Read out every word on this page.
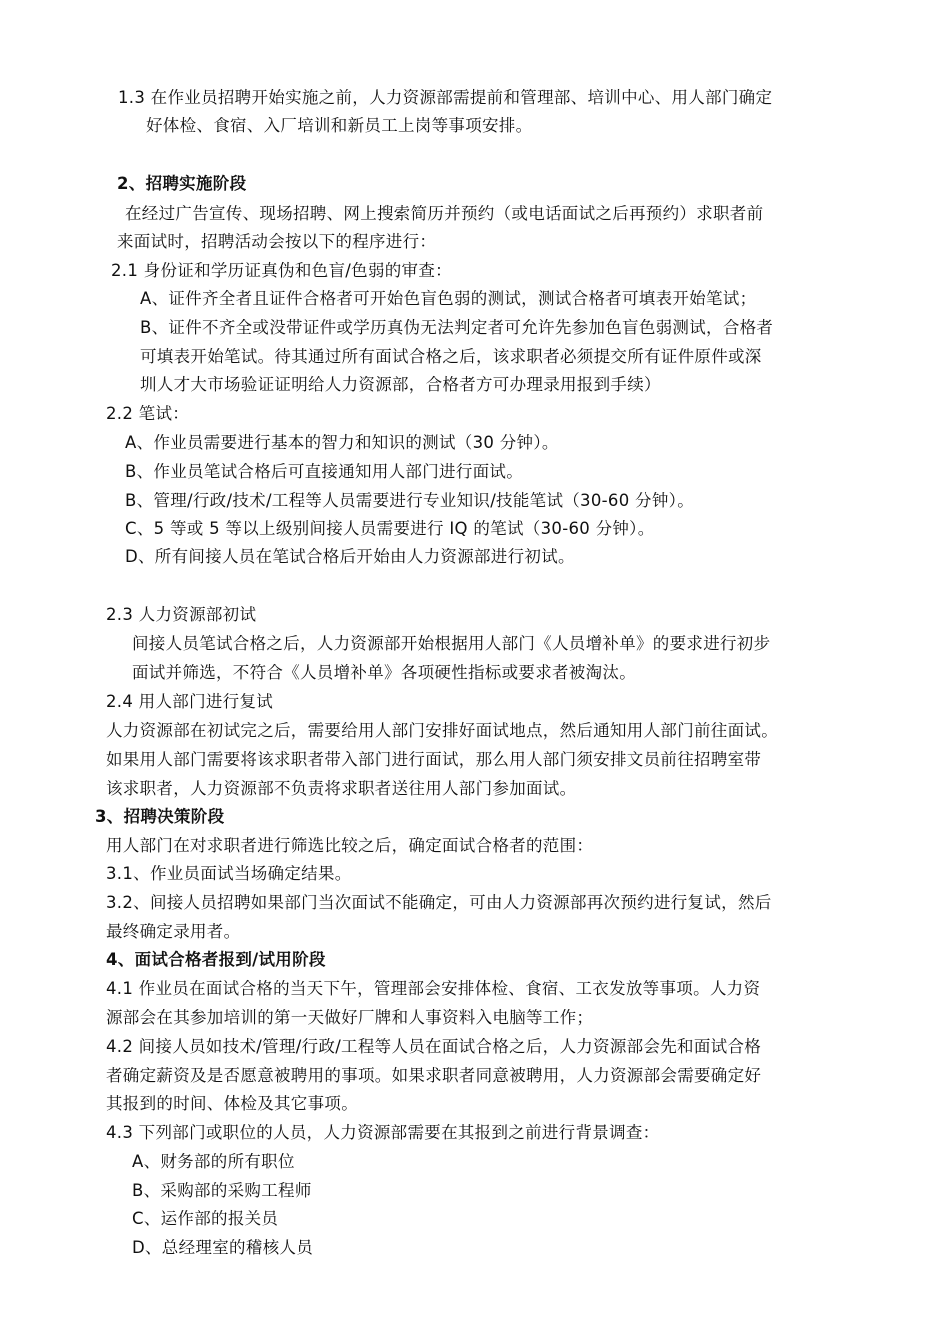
1.3 在作业员招聘开始实施之前，人力资源部需提前和管理部、培训中心、用人部门确定
好体检、食宿、入厂培训和新员工上岗等事项安排。
2、招聘实施阶段
在经过广告宣传、现场招聘、网上搜索简历并预约（或电话面试之后再预约）求职者前
来面试时，招聘活动会按以下的程序进行：
2.1 身份证和学历证真伪和色盲/色弱的审查：
A、证件齐全者且证件合格者可开始色盲色弱的测试，测试合格者可填表开始笔试；
B、证件不齐全或没带证件或学历真伪无法判定者可允许先参加色盲色弱测试，合格者
可填表开始笔试。待其通过所有面试合格之后，该求职者必须提交所有证件原件或深
圳人才大市场验证证明给人力资源部，合格者方可办理录用报到手续）
2.2 笔试：
A、作业员需要进行基本的智力和知识的测试（30 分钟）。
B、作业员笔试合格后可直接通知用人部门进行面试。
B、管理/行政/技术/工程等人员需要进行专业知识/技能笔试（30-60 分钟）。
C、5 等或 5 等以上级别间接人员需要进行 IQ 的笔试（30-60 分钟）。
D、所有间接人员在笔试合格后开始由人力资源部进行初试。
2.3 人力资源部初试
间接人员笔试合格之后，人力资源部开始根据用人部门《人员增补单》的要求进行初步
面试并筛选，不符合《人员增补单》各项硬性指标或要求者被淘汰。
2.4 用人部门进行复试
人力资源部在初试完之后，需要给用人部门安排好面试地点，然后通知用人部门前往面试。
如果用人部门需要将该求职者带入部门进行面试，那么用人部门须安排文员前往招聘室带
该求职者，人力资源部不负责将求职者送往用人部门参加面试。
3、招聘决策阶段
用人部门在对求职者进行筛选比较之后，确定面试合格者的范围：
3.1、作业员面试当场确定结果。
3.2、间接人员招聘如果部门当次面试不能确定，可由人力资源部再次预约进行复试，然后
最终确定录用者。
4、面试合格者报到/试用阶段
4.1 作业员在面试合格的当天下午，管理部会安排体检、食宿、工衣发放等事项。人力资
源部会在其参加培训的第一天做好厂牌和人事资料入电脑等工作；
4.2 间接人员如技术/管理/行政/工程等人员在面试合格之后，人力资源部会先和面试合格
者确定薪资及是否愿意被聘用的事项。如果求职者同意被聘用，人力资源部会需要确定好
其报到的时间、体检及其它事项。
4.3 下列部门或职位的人员，人力资源部需要在其报到之前进行背景调查：
A、财务部的所有职位
B、采购部的采购工程师
C、运作部的报关员
D、总经理室的稽核人员
